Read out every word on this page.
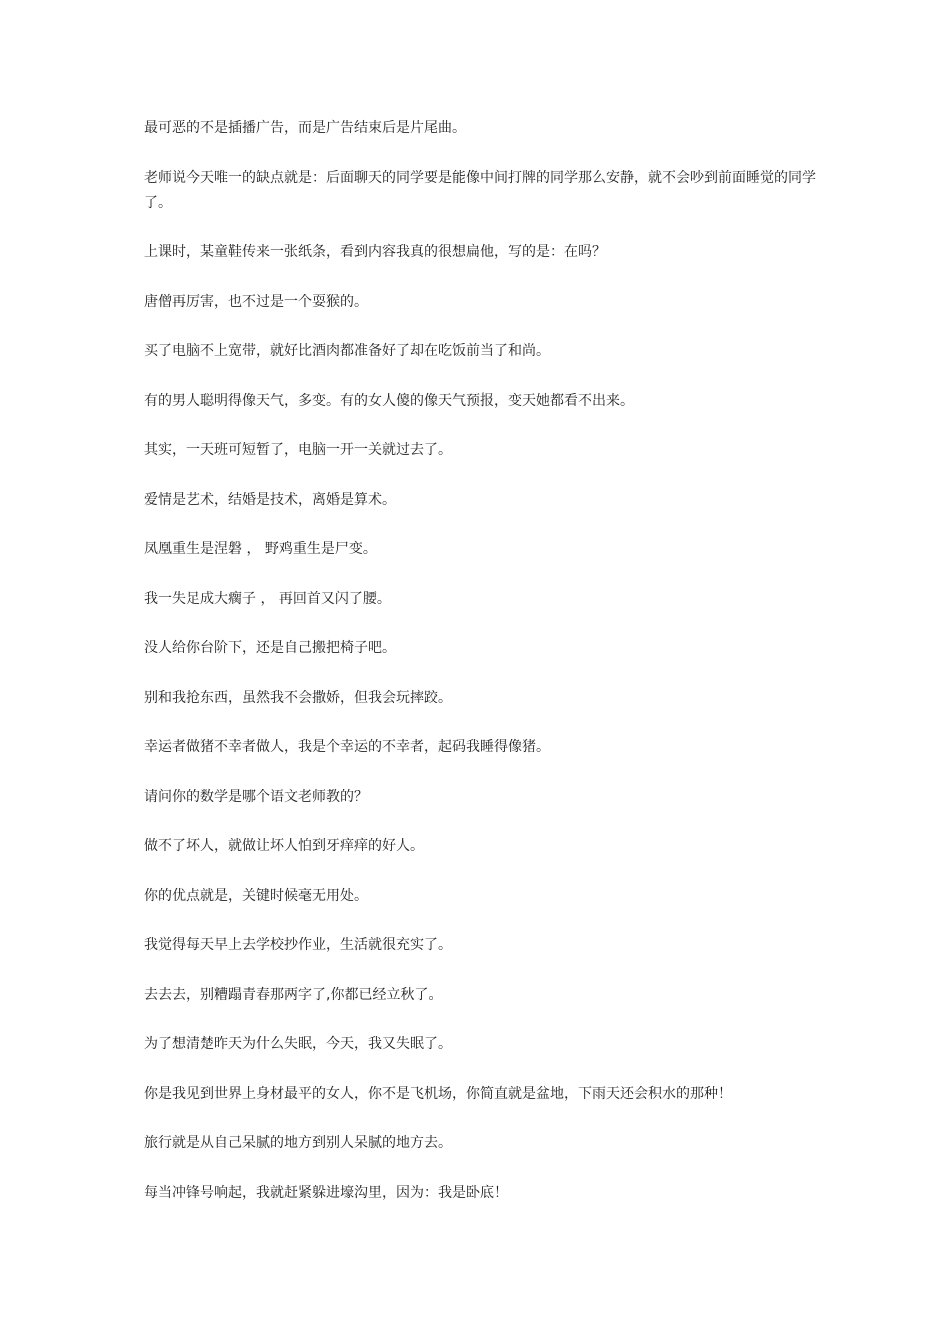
最可恶的不是插播广告，而是广告结束后是片尾曲。

老师说今天唯一的缺点就是：后面聊天的同学要是能像中间打牌的同学那么安静，就不会吵到前面睡觉的同学了。

上课时，某童鞋传来一张纸条，看到内容我真的很想扁他，写的是：在吗？

唐僧再厉害，也不过是一个耍猴的。

买了电脑不上宽带，就好比酒肉都准备好了却在吃饭前当了和尚。

有的男人聪明得像天气，多变。有的女人傻的像天气预报，变天她都看不出来。

其实，一天班可短暂了，电脑一开一关就过去了。

爱情是艺术，结婚是技术，离婚是算术。

凤凰重生是涅磐 ， 野鸡重生是尸变。

我一失足成大瘸子 ， 再回首又闪了腰。

没人给你台阶下，还是自己搬把椅子吧。

别和我抢东西，虽然我不会撒娇，但我会玩摔跤。

幸运者做猪不幸者做人，我是个幸运的不幸者，起码我睡得像猪。

请问你的数学是哪个语文老师教的？

做不了坏人，就做让坏人怕到牙痒痒的好人。

你的优点就是，关键时候毫无用处。

我觉得每天早上去学校抄作业，生活就很充实了。

去去去，别糟蹋青春那两字了,你都已经立秋了。

为了想清楚昨天为什么失眠，今天，我又失眠了。

你是我见到世界上身材最平的女人，你不是飞机场，你简直就是盆地，下雨天还会积水的那种！

旅行就是从自己呆腻的地方到别人呆腻的地方去。

每当冲锋号响起，我就赶紧躲进壕沟里，因为：我是卧底！
